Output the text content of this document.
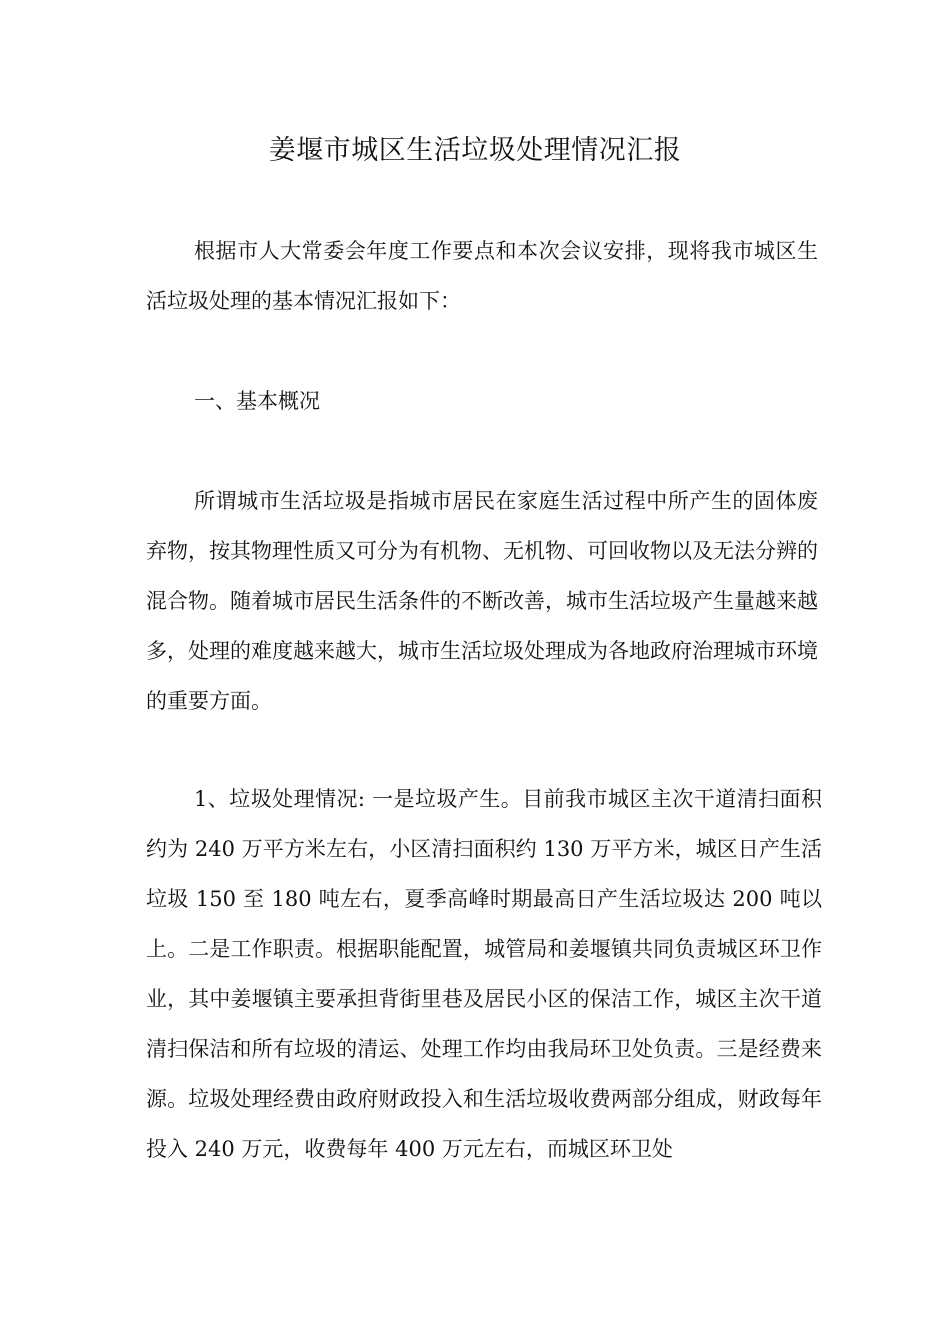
姜堰市城区生活垃圾处理情况汇报

根据市人大常委会年度工作要点和本次会议安排，现将我市城区生活垃圾处理的基本情况汇报如下：

一、基本概况

所谓城市生活垃圾是指城市居民在家庭生活过程中所产生的固体废弃物，按其物理性质又可分为有机物、无机物、可回收物以及无法分辨的混合物。随着城市居民生活条件的不断改善，城市生活垃圾产生量越来越多，处理的难度越来越大，城市生活垃圾处理成为各地政府治理城市环境的重要方面。

1、垃圾处理情况: 一是垃圾产生。目前我市城区主次干道清扫面积约为 240 万平方米左右，小区清扫面积约 130 万平方米，城区日产生活垃圾 150 至 180 吨左右，夏季高峰时期最高日产生活垃圾达 200 吨以上。二是工作职责。根据职能配置，城管局和姜堰镇共同负责城区环卫作业，其中姜堰镇主要承担背街里巷及居民小区的保洁工作，城区主次干道清扫保洁和所有垃圾的清运、处理工作均由我局环卫处负责。三是经费来源。垃圾处理经费由政府财政投入和生活垃圾收费两部分组成，财政每年投入 240 万元，收费每年 400 万元左右，而城区环卫处
